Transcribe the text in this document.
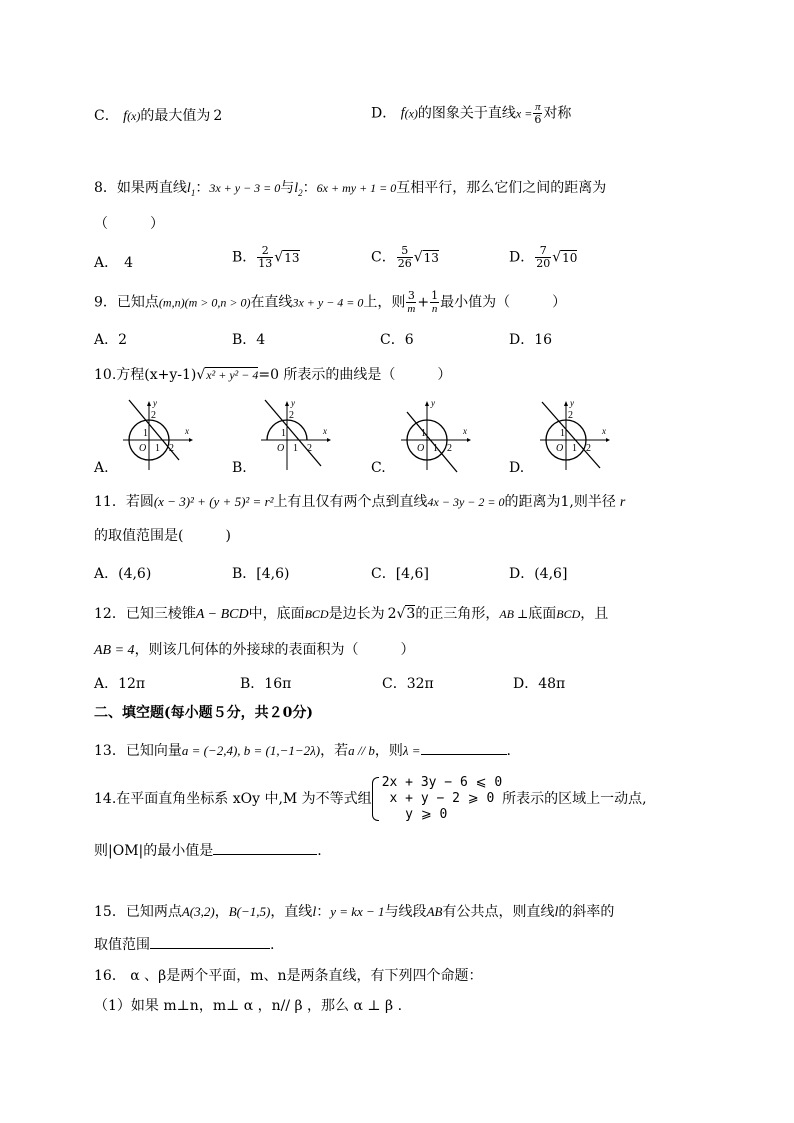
C． f(x)的最大值为 2	D． f(x)的图象关于直线$x = \frac{\pi}{6}$ 对称
8．如果两直线$l_1$：3x + y − 3 = 0与$l_2$：6x + my + 1 = 0互相平行，那么它们之间的距离为
（　　　）
A． 4	B． $\frac{2}{13} √13$	C． $\frac{5}{26} √13$	D． $\frac{7}{20} √10$
9．已知点(m,n)(m > 0,n > 0)在直线3x + y − 4 = 0上，则 $\frac{3}{m} + \frac{1}{n}$ 最小值为（　　　）
A．2	B．4	C．6	D．16
10.方程(x+y-1)√x² + y² − 4=0 所表示的曲线是（　　　）
x
y
O 1 2
1
2
x
y
O 1 2
1
2
x
y
O 1 2
1	x
y
O 1 2
1
2
A.	B.	C.	D.
11．若圆(x − 3)² + (y + 5)² = r²上有且仅有两个点到直线4x − 3y − 2 = 0的距离为1,则半径 r
的取值范围是(　　　)
A．(4,6)	B．[4,6)	C．[4,6]	D．(4,6]
12．已知三棱锥A − BCD中，底面BCD是边长为 2√3的正三角形，AB ⊥底面BCD，且
AB = 4，则该几何体的外接球的表面积为（　　　）
A．12π	B．16π	C．32π	D．48π
二、填空题(每小题５分，共２0分)
13．已知向量a = (−2,4), b = (1,−1−2λ)，若a // b，则λ =	.
14.在平面直角坐标系 xOy 中,M 为不等式组
2x + 3y − 6 ⩽ 0
x + y − 2 ⩾ 0
y ⩾ 0
所表示的区域上一动点,
则|OM|的最小值是	.
15．已知两点A(3,2)，B(−1,5)，直线l：y = kx − 1与线段AB有公共点，则直线l的斜率的
取值范围	.
16． α 、β是两个平面，m、n是两条直线，有下列四个命题：
（1）如果 m⊥n，m⊥ α ，n// β ，那么 α ⊥ β .
